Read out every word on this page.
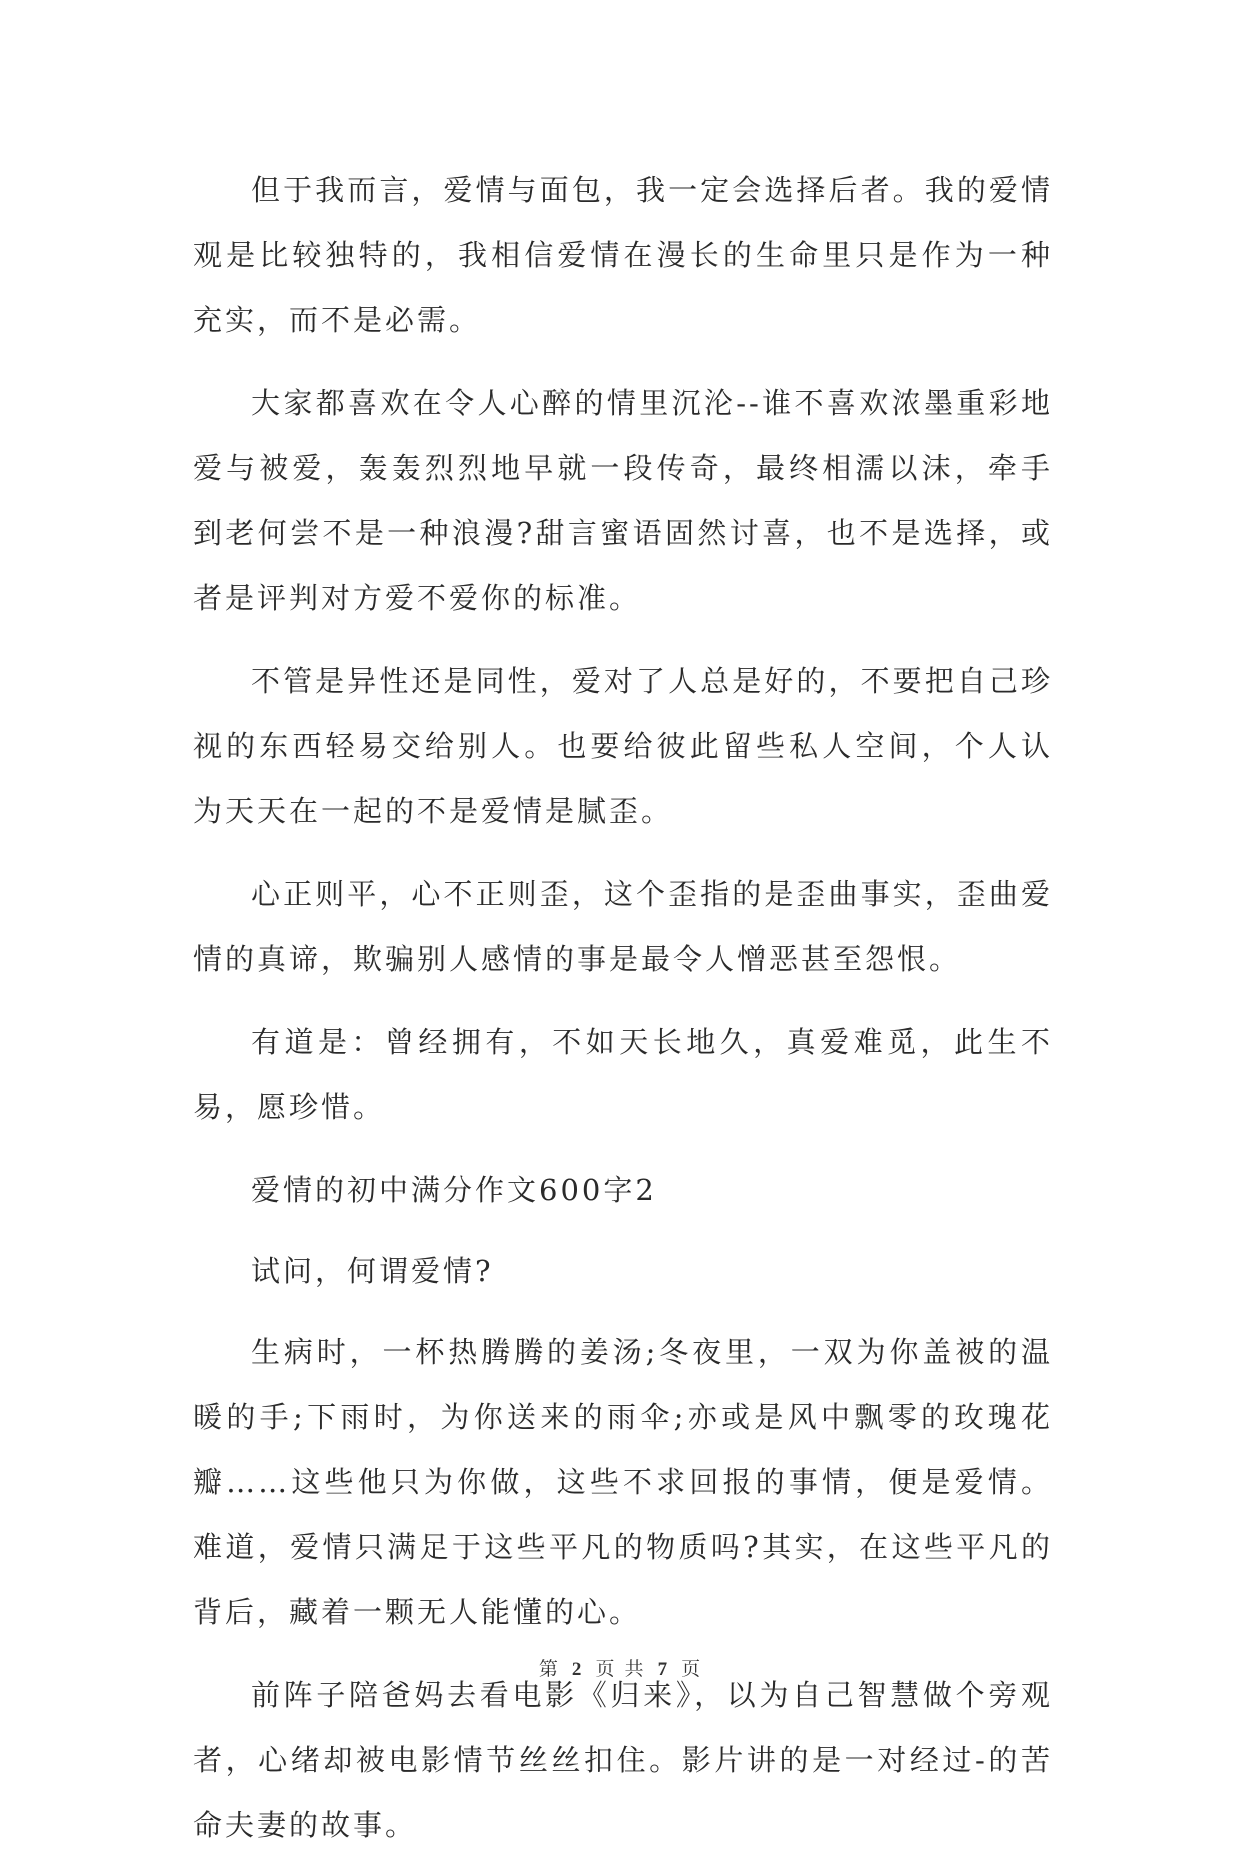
但于我而言，爱情与面包，我一定会选择后者。我的爱情观是比较独特的，我相信爱情在漫长的生命里只是作为一种充实，而不是必需。

大家都喜欢在令人心醉的情里沉沦--谁不喜欢浓墨重彩地爱与被爱，轰轰烈烈地早就一段传奇，最终相濡以沫，牵手到老何尝不是一种浪漫?甜言蜜语固然讨喜，也不是选择，或者是评判对方爱不爱你的标准。

不管是异性还是同性，爱对了人总是好的，不要把自己珍视的东西轻易交给别人。也要给彼此留些私人空间，个人认为天天在一起的不是爱情是腻歪。

心正则平，心不正则歪，这个歪指的是歪曲事实，歪曲爱情的真谛，欺骗别人感情的事是最令人憎恶甚至怨恨。

有道是：曾经拥有，不如天长地久，真爱难觅，此生不易，愿珍惜。

爱情的初中满分作文600字2

试问，何谓爱情?

生病时，一杯热腾腾的姜汤;冬夜里，一双为你盖被的温暖的手;下雨时，为你送来的雨伞;亦或是风中飘零的玫瑰花瓣……这些他只为你做，这些不求回报的事情，便是爱情。难道，爱情只满足于这些平凡的物质吗?其实，在这些平凡的背后，藏着一颗无人能懂的心。

前阵子陪爸妈去看电影《归来》，以为自己智慧做个旁观者，心绪却被电影情节丝丝扣住。影片讲的是一对经过-的苦命夫妻的故事。

第 2 页 共 7 页
